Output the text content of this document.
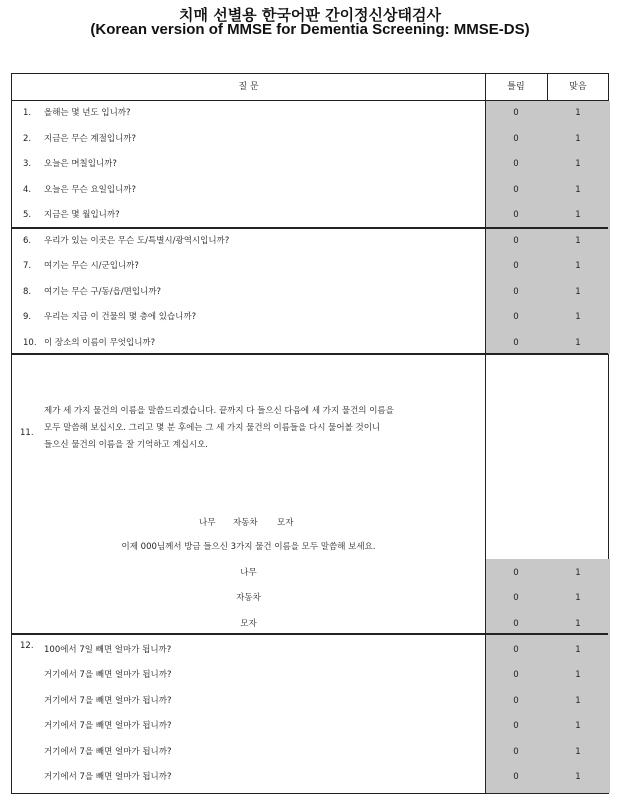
치매 선별용 한국어판 간이정신상태검사
(Korean version of MMSE for Dementia Screening: MMSE-DS)
질 문	틀림	맞음
1. 올해는 몇 년도 입니까?	0	1
2. 지금은 무슨 계절입니까?	0	1
3. 오늘은 며칠입니까?	0	1
4. 오늘은 무슨 요일입니까?	0	1
5. 지금은 몇 월입니까?	0	1
6. 우리가 있는 이곳은 무슨 도/특별시/광역시입니까?	0	1
7. 여기는 무슨 시/군입니까?	0	1
8. 여기는 무슨 구/동/읍/면입니까?	0	1
9. 우리는 지금 이 건물의 몇 층에 있습니까?	0	1
10. 이 장소의 이름이 무엇입니까?	0	1
11.
제가 세 가지 물건의 이름을 말씀드리겠습니다. 끝까지 다 들으신 다음에 세 가지 물건의 이름을
모두 말씀해 보십시오. 그리고 몇 분 후에는 그 세 가지 물건의 이름들을 다시 물어볼 것이니
들으신 물건의 이름을 잘 기억하고 계십시오.
나무 자동차 모자
이제 000님께서 방금 들으신 3가지 물건 이름을 모두 말씀해 보세요.
나무	0	1
자동차	0	1
모자	0	1
12. 100에서 7일 빼면 얼마가 됩니까?	0	1
거기에서 7을 빼면 얼마가 됩니까?	0	1
거기에서 7을 빼면 얼마가 됩니까?	0	1
거기에서 7을 빼면 얼마가 됩니까?	0	1
거기에서 7을 빼면 얼마가 됩니까?	0	1
거기에서 7을 빼면 얼마가 됩니까?	0	1
